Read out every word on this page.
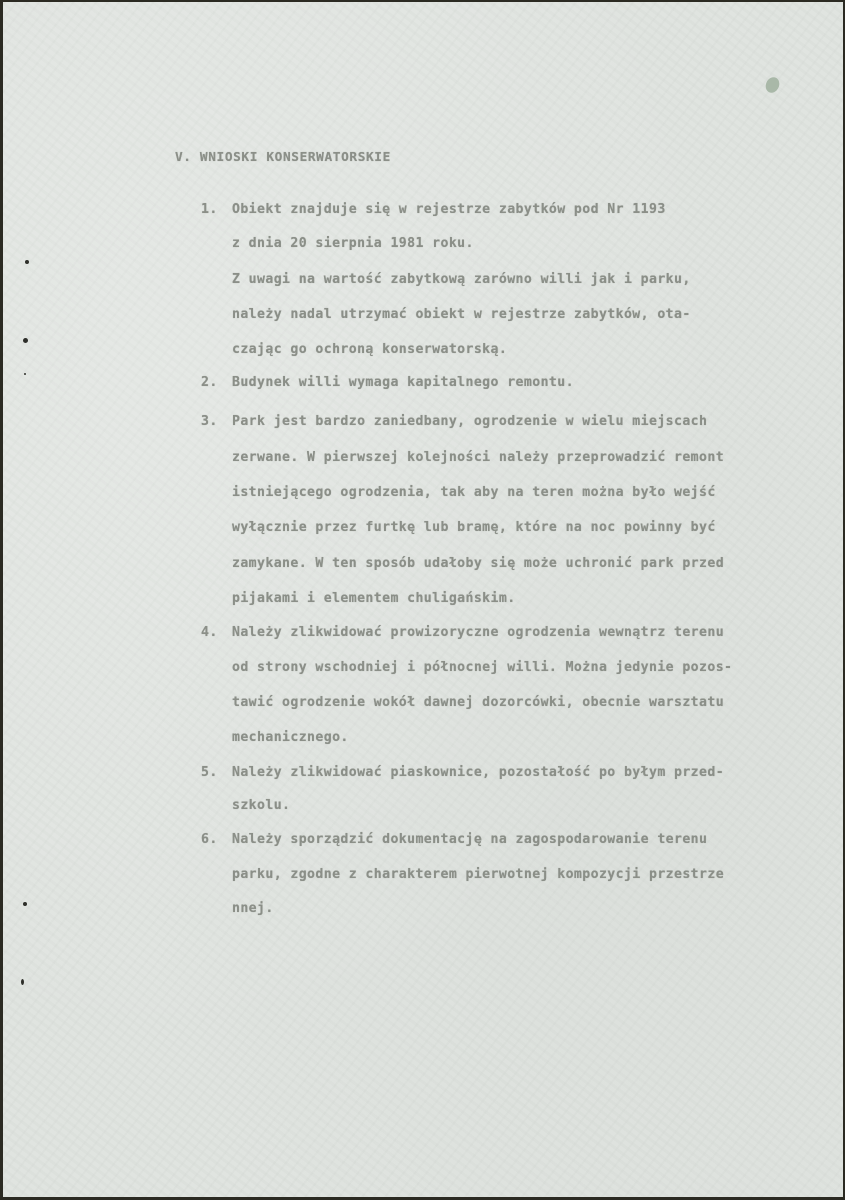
V. WNIOSKI KONSERWATORSKIE
1. Obiekt znajduje się w rejestrze zabytków pod Nr 1193
z dnia 20 sierpnia 1981 roku.
Z uwagi na wartość zabytkową zarówno willi jak i parku,
należy nadal utrzymać obiekt w rejestrze zabytków, ota-
czając go ochroną konserwatorską.
2. Budynek willi wymaga kapitalnego remontu.
3. Park jest bardzo zaniedbany, ogrodzenie w wielu miejscach
zerwane. W pierwszej kolejności należy przeprowadzić remont
istniejącego ogrodzenia, tak aby na teren można było wejść
wyłącznie przez furtkę lub bramę, które na noc powinny być
zamykane. W ten sposób udałoby się może uchronić park przed
pijakami i elementem chuligańskim.
4. Należy zlikwidować prowizoryczne ogrodzenia wewnątrz terenu
od strony wschodniej i północnej willi. Można jedynie pozos-
tawić ogrodzenie wokół dawnej dozorcówki, obecnie warsztatu
mechanicznego.
5. Należy zlikwidować piaskownice, pozostałość po byłym przed-
szkolu.
6. Należy sporządzić dokumentację na zagospodarowanie terenu
parku, zgodne z charakterem pierwotnej kompozycji przestrze
nnej.
